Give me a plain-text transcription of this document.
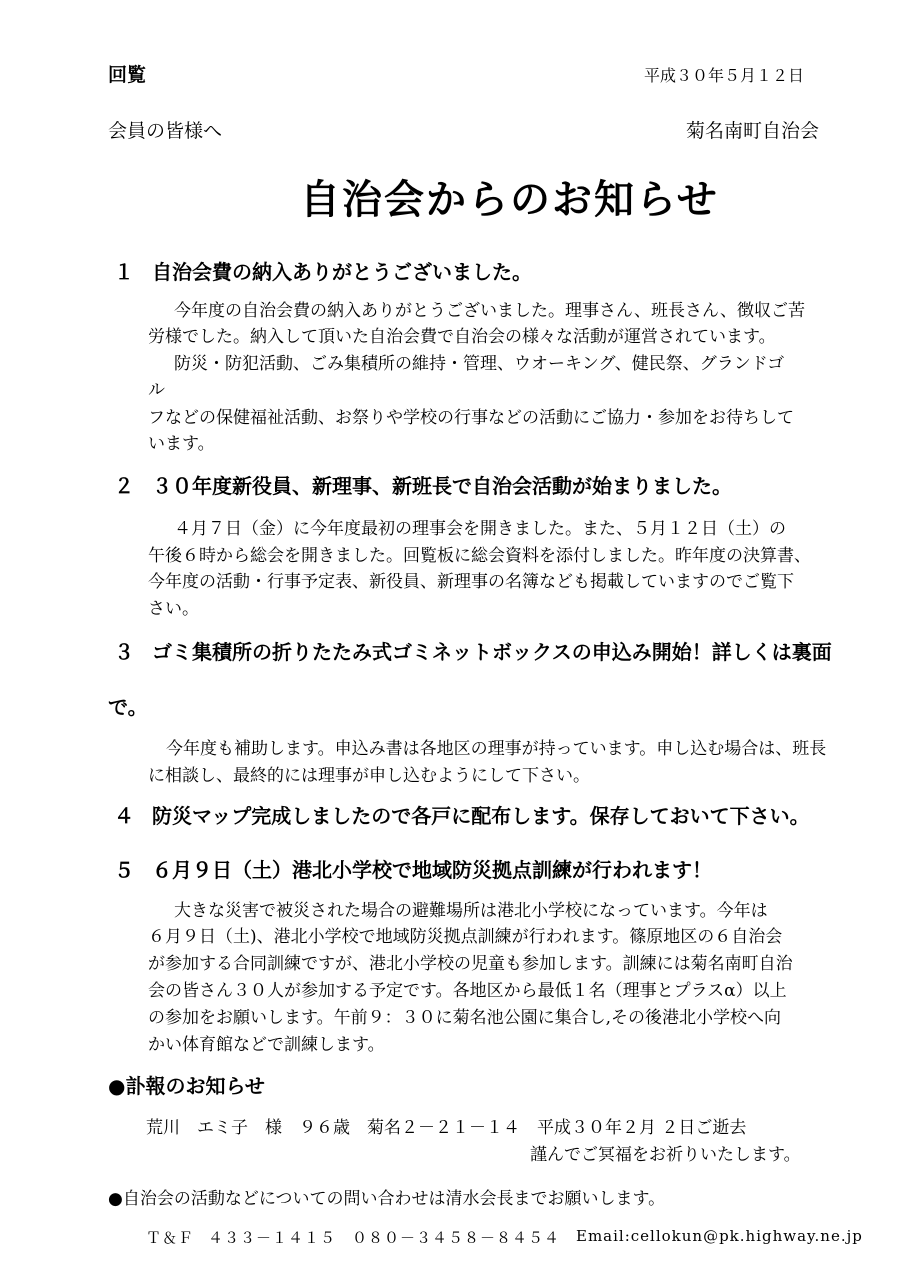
回覧	平成３０年５月１２日
会員の皆様へ	菊名南町自治会
自治会からのお知らせ
１ 自治会費の納入ありがとうございました。
今年度の自治会費の納入ありがとうございました。理事さん、班長さん、徴収ご苦
労様でした。納入して頂いた自治会費で自治会の様々な活動が運営されています。
防災・防犯活動、ごみ集積所の維持・管理、ウオーキング、健民祭、グランドゴ
ル
フなどの保健福祉活動、お祭りや学校の行事などの活動にご協力・参加をお待ちして
います。
２ ３０年度新役員、新理事、新班長で自治会活動が始まりました。
４月７日（金）に今年度最初の理事会を開きました。また、５月１２日（土）の
午後６時から総会を開きました。回覧板に総会資料を添付しました。昨年度の決算書、
今年度の活動・行事予定表、新役員、新理事の名簿なども掲載していますのでご覧下
さい。
３ ゴミ集積所の折りたたみ式ゴミネットボックスの申込み開始！詳しくは裏面
で。
今年度も補助します。申込み書は各地区の理事が持っています。申し込む場合は、班長
に相談し、最終的には理事が申し込むようにして下さい。
４ 防災マップ完成しましたので各戸に配布します。保存しておいて下さい。
５ ６月９日（土）港北小学校で地域防災拠点訓練が行われます！
大きな災害で被災された場合の避難場所は港北小学校になっています。今年は
６月９日（土)、港北小学校で地域防災拠点訓練が行われます。篠原地区の６自治会
が参加する合同訓練ですが、港北小学校の児童も参加します。訓練には菊名南町自治
会の皆さん３０人が参加する予定です。各地区から最低１名（理事とプラスα）以上
の参加をお願いします。午前９：３０に菊名池公園に集合し,その後港北小学校へ向
かい体育館などで訓練します。
●訃報のお知らせ
荒川　エミ子　様　９６歳　菊名２－２１－１４　平成３０年２月 ２日ご逝去
謹んでご冥福をお祈りいたします。
●自治会の活動などについての問い合わせは清水会長までお願いします。
Ｔ＆Ｆ ４３３－１４１５ ０８０－３４５８－８４５４ Email:cellokun@pk.highway.ne.jp
